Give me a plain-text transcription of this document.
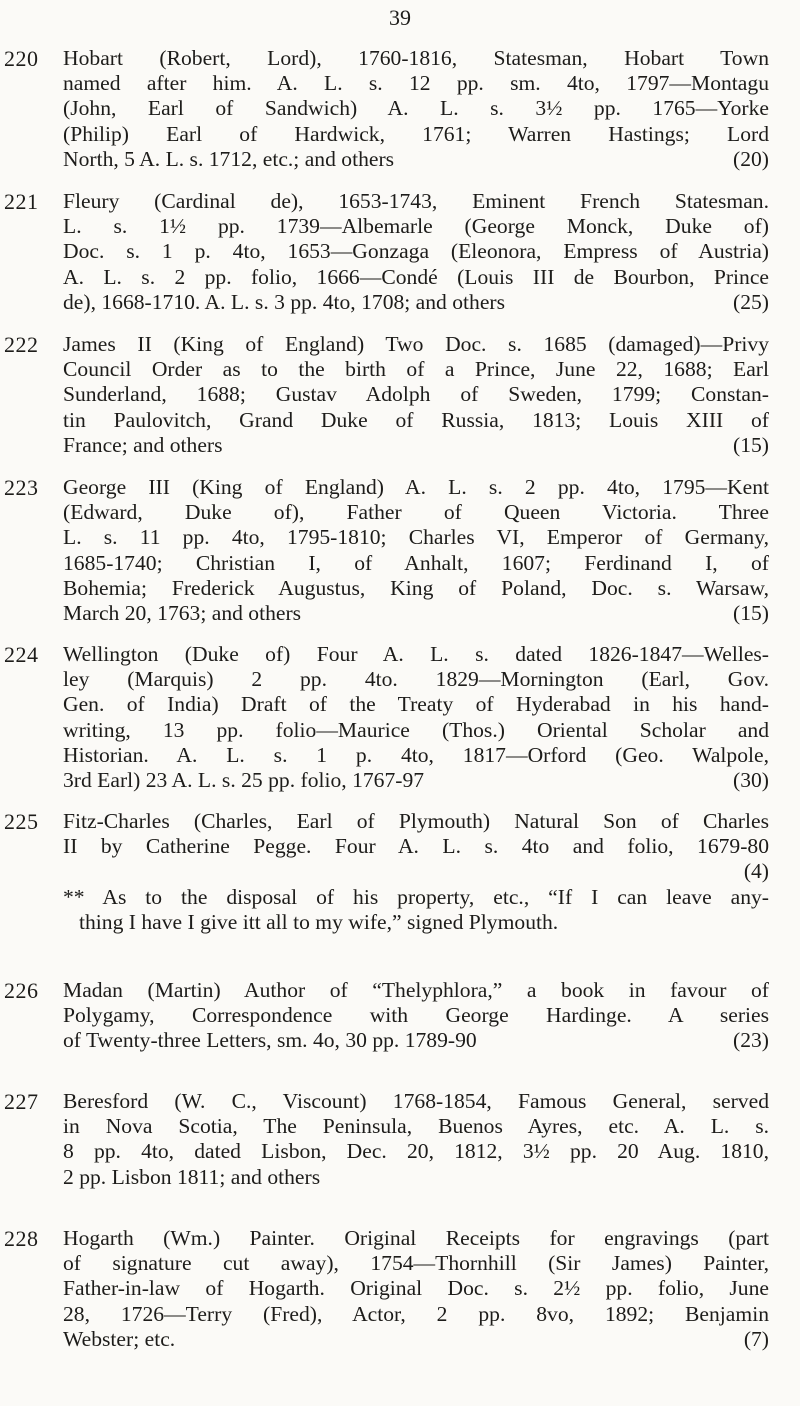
39
220 Hobart (Robert, Lord), 1760-1816, Statesman, Hobart Town
named after him. A. L. s. 12 pp. sm. 4to, 1797—Montagu
(John, Earl of Sandwich) A. L. s. 3½ pp. 1765—Yorke
(Philip) Earl of Hardwick, 1761; Warren Hastings; Lord
North, 5 A. L. s. 1712, etc.; and others	(20)
221 Fleury (Cardinal de), 1653-1743, Eminent French Statesman.
L. s. 1½ pp. 1739—Albemarle (George Monck, Duke of)
Doc. s. 1 p. 4to, 1653—Gonzaga (Eleonora, Empress of Austria)
A. L. s. 2 pp. folio, 1666—Condé (Louis III de Bourbon, Prince
de), 1668-1710. A. L. s. 3 pp. 4to, 1708; and others	(25)
222 James II (King of England) Two Doc. s. 1685 (damaged)—Privy
Council Order as to the birth of a Prince, June 22, 1688; Earl
Sunderland, 1688; Gustav Adolph of Sweden, 1799; Constan-
tin Paulovitch, Grand Duke of Russia, 1813; Louis XIII of
France; and others	(15)
223 George III (King of England) A. L. s. 2 pp. 4to, 1795—Kent
(Edward, Duke of), Father of Queen Victoria. Three
L. s. 11 pp. 4to, 1795-1810; Charles VI, Emperor of Germany,
1685-1740; Christian I, of Anhalt, 1607; Ferdinand I, of
Bohemia; Frederick Augustus, King of Poland, Doc. s. Warsaw,
March 20, 1763; and others	(15)
224 Wellington (Duke of) Four A. L. s. dated 1826-1847—Welles-
ley (Marquis) 2 pp. 4to. 1829—Mornington (Earl, Gov.
Gen. of India) Draft of the Treaty of Hyderabad in his hand-
writing, 13 pp. folio—Maurice (Thos.) Oriental Scholar and
Historian. A. L. s. 1 p. 4to, 1817—Orford (Geo. Walpole,
3rd Earl) 23 A. L. s. 25 pp. folio, 1767-97	(30)
225 Fitz-Charles (Charles, Earl of Plymouth) Natural Son of Charles
II by Catherine Pegge. Four A. L. s. 4to and folio, 1679-80
(4)
** As to the disposal of his property, etc., “If I can leave any-
thing I have I give itt all to my wife,” signed Plymouth.
226 Madan (Martin) Author of “Thelyphlora,” a book in favour of
Polygamy, Correspondence with George Hardinge. A series
of Twenty-three Letters, sm. 4o, 30 pp. 1789-90	(23)
227 Beresford (W. C., Viscount) 1768-1854, Famous General, served
in Nova Scotia, The Peninsula, Buenos Ayres, etc. A. L. s.
8 pp. 4to, dated Lisbon, Dec. 20, 1812, 3½ pp. 20 Aug. 1810,
2 pp. Lisbon 1811; and others
228 Hogarth (Wm.) Painter. Original Receipts for engravings (part
of signature cut away), 1754—Thornhill (Sir James) Painter,
Father-in-law of Hogarth. Original Doc. s. 2½ pp. folio, June
28, 1726—Terry (Fred), Actor, 2 pp. 8vo, 1892; Benjamin
Webster; etc.	(7)
